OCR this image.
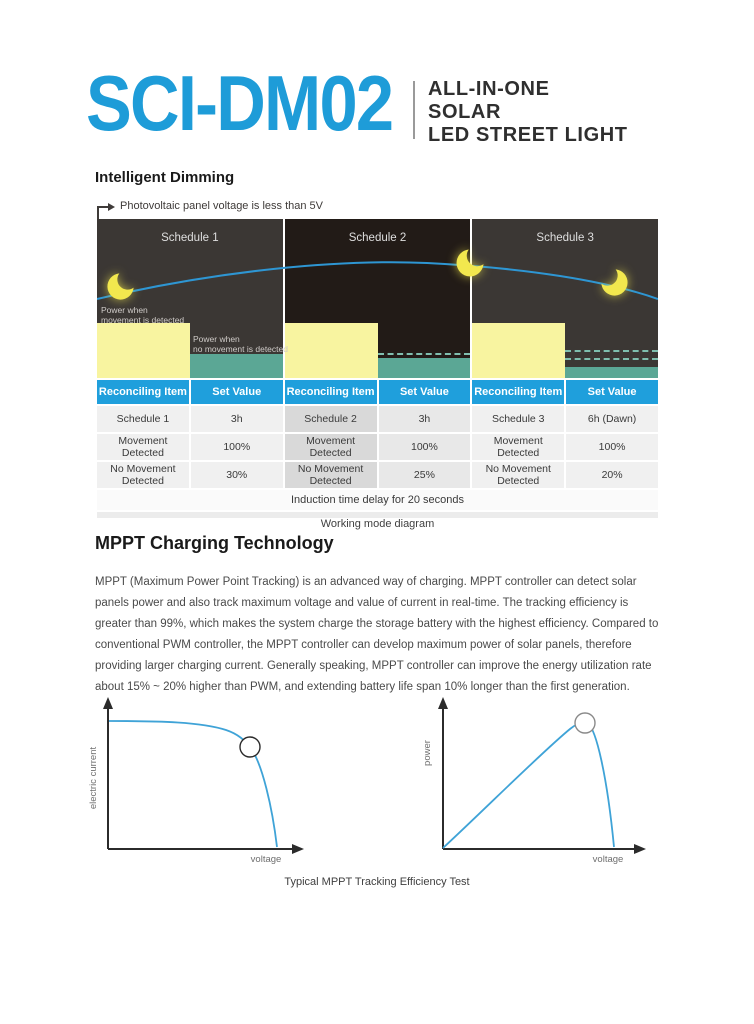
SCI-DM02 ALL-IN-ONE
SOLAR
LED STREET LIGHT
Intelligent Dimming
Photovoltaic panel voltage is less than 5V
Schedule 1	Schedule 2	Schedule 3
Power when
movement is detected
Power when
no movement is detected
Reconciling Item	Set Value	Reconciling Item	Set Value	Reconciling Item	Set Value
Schedule 1	3h	Schedule 2	3h	Schedule 3	6h (Dawn)
Movement Detected	100%	Movement Detected	100%	Movement Detected	100%
No Movement Detected	30%	No Movement Detected	25%	No Movement Detected	20%
Induction time delay for 20 seconds
Working mode diagram
MPPT Charging Technology

MPPT (Maximum Power Point Tracking) is an advanced way of charging. MPPT controller can detect solar panels power and also track maximum voltage and value of current in real-time. The tracking efficiency is greater than 99%, which makes the system charge the storage battery with the highest efficiency. Compared to conventional PWM controller, the MPPT controller can develop maximum power of solar panels, therefore providing larger charging current. Generally speaking, MPPT controller can improve the energy utilization rate about 15% ~ 20% higher than PWM, and extending battery life span 10% longer than the first generation.

electric current
voltage
power
voltage
Typical MPPT Tracking Efficiency Test
